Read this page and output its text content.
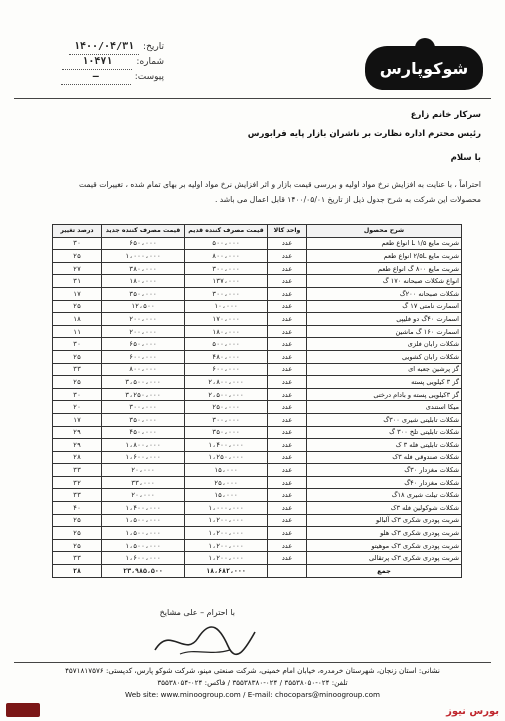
تاریخ:
۱۴۰۰/۰۴/۳۱
شماره:
۱۰۴۷۱
پیوست:
—	شوکوپارس
سرکار خانم زارع
رئیس محترم اداره نظارت بر ناشران بازار پایه فرابورس
با سلام
احتراماً ، با عنایت به افزایش نرخ مواد اولیه و بررسی قیمت بازار و اثر افزایش نرخ مواد اولیه بر بهای تمام شده ، تغییرات قیمت
محصولات این شرکت به شرح جدول ذیل از تاریخ ۱۴۰۰/۰۵/۰۱ قابل اعمال می باشد .
شرح محصول	واحد کالا	قیمت مصرف کننده قدیم	قیمت مصرف کننده جدید	درصد تغییر
شربت مایع ۱/۵ L انواع طعم	عدد	۵۰۰،۰۰۰	۶۵۰،۰۰۰	۳۰
شربت مایع ۲/۵L انواع طعم	عدد	۸۰۰،۰۰۰	۱،۰۰۰،۰۰۰	۲۵
شربت مایع ۸۰۰ گ انواع طعم	عدد	۳۰۰،۰۰۰	۳۸۰،۰۰۰	۲۷
انواع شکلات صبحانه ۱۷۰ گ	عدد	۱۳۷،۰۰۰	۱۸۰،۰۰۰	۳۱
شکلات صبحانه ۲۰۰گ	عدد	۳۰۰،۰۰۰	۳۵۰،۰۰۰	۱۷
اسمارت نامتی ۱۷ گ	عدد	۱۰،۰۰۰	۱۲،۵۰۰	۲۵
اسمارت ۴۰گ دو فلیپی	عدد	۱۷۰،۰۰۰	۲۰۰،۰۰۰	۱۸
اسمارت ۱۶۰ گ ماشین	عدد	۱۸۰،۰۰۰	۲۰۰،۰۰۰	۱۱
شکلات رابان فلزی	عدد	۵۰۰،۰۰۰	۶۵۰،۰۰۰	۳۰
شکلات رابان کشویی	عدد	۴۸۰،۰۰۰	۶۰۰،۰۰۰	۲۵
گز پرشین جعبه ای	عدد	۶۰۰،۰۰۰	۸۰۰،۰۰۰	۳۳
گز ۳ کیلویی پسته	عدد	۲،۸۰۰،۰۰۰	۳،۵۰۰،۰۰۰	۲۵
گز ۳کیلویی پسته و بادام درختی	عدد	۲،۵۰۰،۰۰۰	۳،۲۵۰،۰۰۰	۳۰
میکا استندی	عدد	۲۵۰،۰۰۰	۳۰۰،۰۰۰	۲۰
شکلات تابلیتی شیری ۳۰۰گ	عدد	۳۰۰،۰۰۰	۳۵۰،۰۰۰	۱۷
شکلات تابلیتی تلخ ۳۰۰ گ	عدد	۳۵۰،۰۰۰	۴۵۰،۰۰۰	۲۹
شکلات تابلیتی فله ۳ ک	عدد	۱،۴۰۰،۰۰۰	۱،۸۰۰،۰۰۰	۲۹
شکلات صندوقی فله ۳ک	عدد	۱،۲۵۰،۰۰۰	۱،۶۰۰،۰۰۰	۲۸
شکلات مغزدار ۳۰گ	عدد	۱۵،۰۰۰	۲۰،۰۰۰	۳۳
شکلات مغزدار ۴۰گ	عدد	۲۵،۰۰۰	۳۳،۰۰۰	۳۲
شکلات تیلت شیری ۱۸گ	عدد	۱۵،۰۰۰	۲۰،۰۰۰	۳۳
شکلات شوکولین فله ۳ک	عدد	۱،۰۰۰،۰۰۰	۱،۴۰۰،۰۰۰	۴۰
شربت پودری شکری ۳ک آلبالو	عدد	۱،۲۰۰،۰۰۰	۱،۵۰۰،۰۰۰	۲۵
شربت پودری شکری ۳ک هلو	عدد	۱،۲۰۰،۰۰۰	۱،۵۰۰،۰۰۰	۲۵
شربت پودری شکری ۳ک موهیتو	عدد	۱،۲۰۰،۰۰۰	۱،۵۰۰،۰۰۰	۲۵
شربت پودری شکری ۳ک پرتقالی	عدد	۱،۲۰۰،۰۰۰	۱،۶۰۰،۰۰۰	۳۳
جمع		۱۸،۶۸۲،۰۰۰	۲۳،۹۸۵،۵۰۰	۲۸
با احترام – علی مشایخ
نشانی: استان زنجان، شهرستان خرمدره، خیابان امام خمینی، شرکت صنعتی مینو، شرکت شوکو پارس، کدپستی: ۴۵۷۱۸۱۷۵۷۶
تلفن: ۰۲۴-۳۵۵۳۸۰۵۰ / ۰۲۴-۳۵۵۳۸۳۸۰ / فاکس: ۰۲۴-۳۵۵۳۸۰۵۴
Web site: www.minoogroup.com / E-mail: chocopars@minoogroup.com
بورس نیوز
